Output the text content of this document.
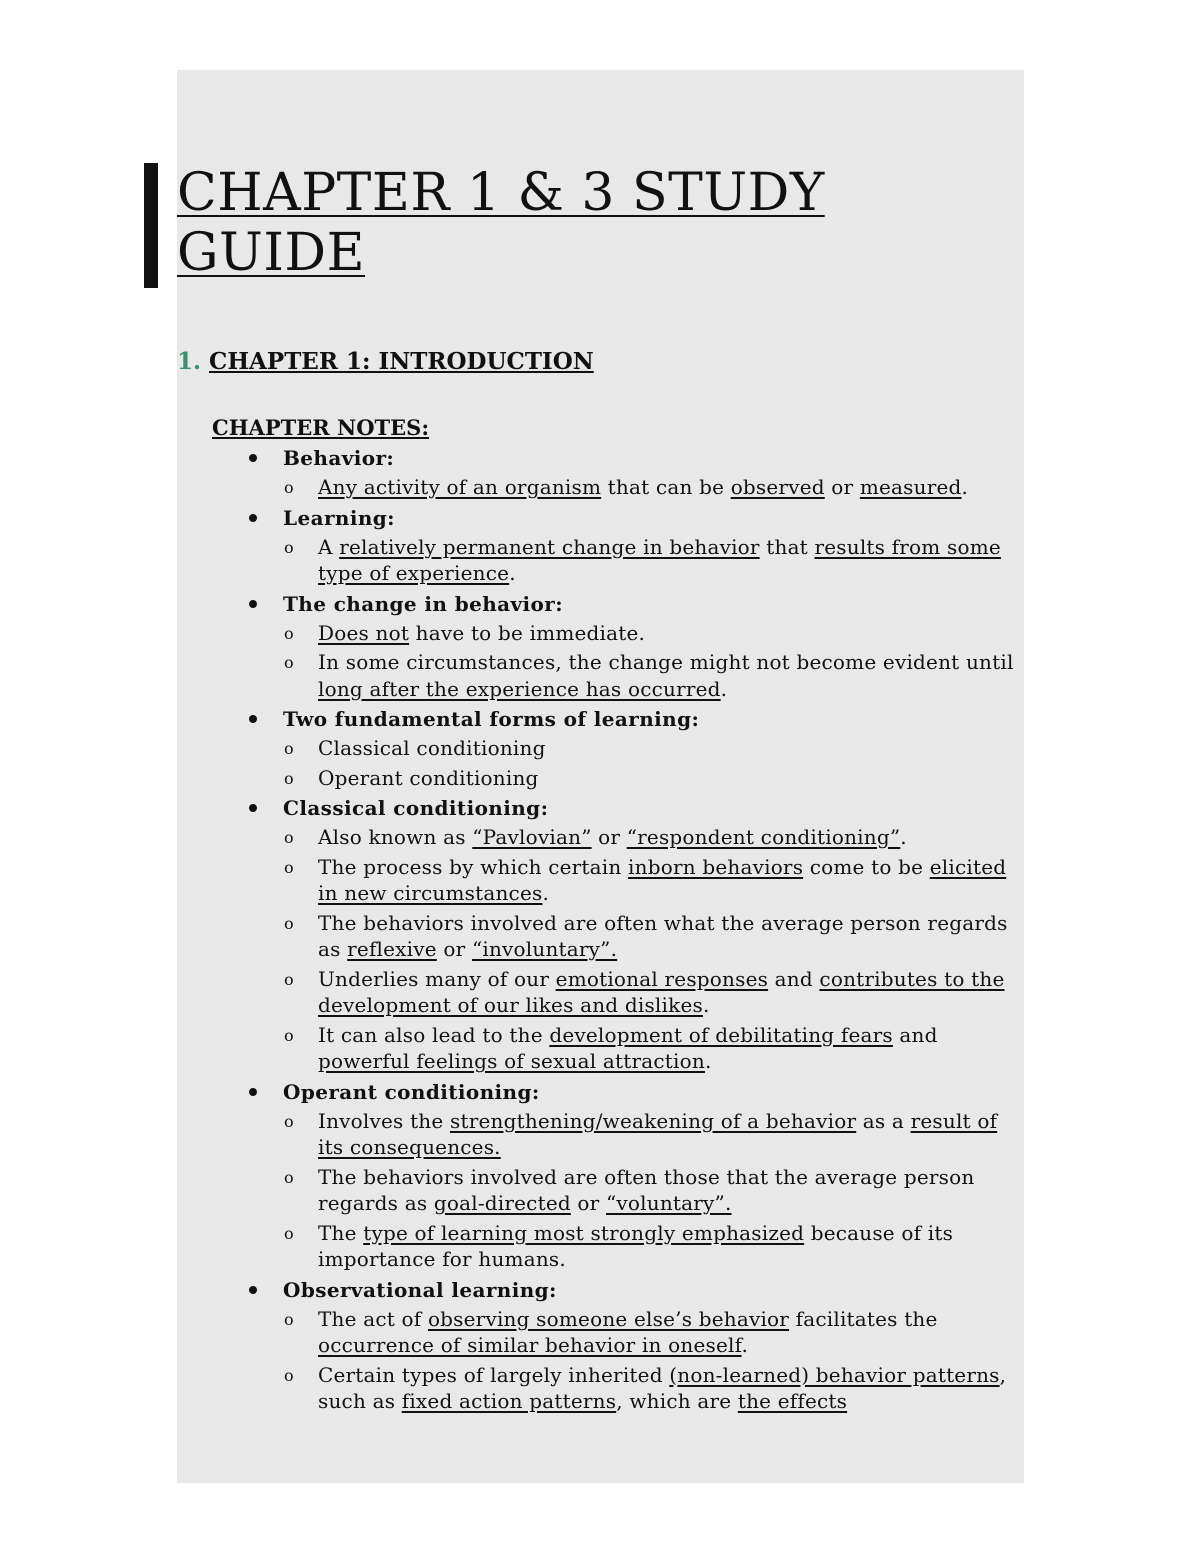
CHAPTER 1 & 3 STUDY
GUIDE
1. CHAPTER 1: INTRODUCTION
CHAPTER NOTES:
Behavior:
o Any activity of an organism that can be observed or measured.
Learning:
o A relatively permanent change in behavior that results from some type of experience.
The change in behavior:
o Does not have to be immediate.
o In some circumstances, the change might not become evident until long after the experience has occurred.
Two fundamental forms of learning:
o Classical conditioning
o Operant conditioning
Classical conditioning:
o Also known as “Pavlovian” or “respondent conditioning”.
o The process by which certain inborn behaviors come to be elicited in new circumstances.
o The behaviors involved are often what the average person regards as reflexive or “involuntary”.
o Underlies many of our emotional responses and contributes to the development of our likes and dislikes.
o It can also lead to the development of debilitating fears and powerful feelings of sexual attraction.
Operant conditioning:
o Involves the strengthening/weakening of a behavior as a result of its consequences.
o The behaviors involved are often those that the average person regards as goal-directed or “voluntary”.
o The type of learning most strongly emphasized because of its importance for humans.
Observational learning:
o The act of observing someone else’s behavior facilitates the occurrence of similar behavior in oneself.
o Certain types of largely inherited (non-learned) behavior patterns, such as fixed action patterns, which are the effects
